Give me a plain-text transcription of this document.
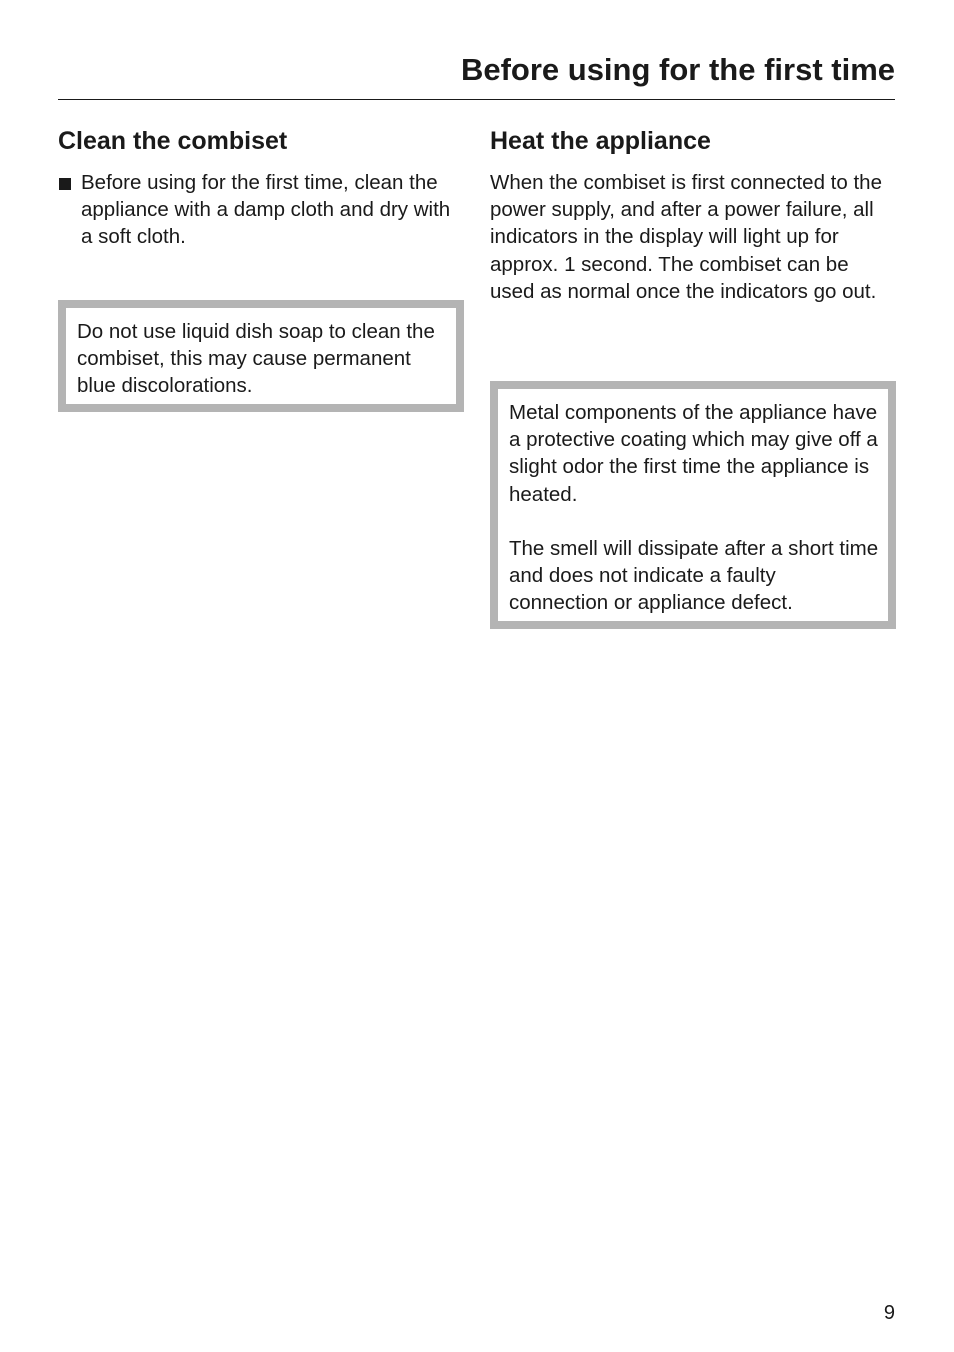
Before using for the first time
Clean the combiset

Before using for the first time, clean the appliance with a damp cloth and dry with a soft cloth.

Do not use liquid dish soap to clean the combiset, this may cause permanent blue discolorations.

Heat the appliance

When the combiset is first connected to the power supply, and after a power failure, all indicators in the display will light up for approx. 1 second. The combiset can be used as normal once the indicators go out.

Metal components of the appliance have a protective coating which may give off a slight odor the first time the appliance is heated.

The smell will dissipate after a short time and does not indicate a faulty connection or appliance defect.

9
